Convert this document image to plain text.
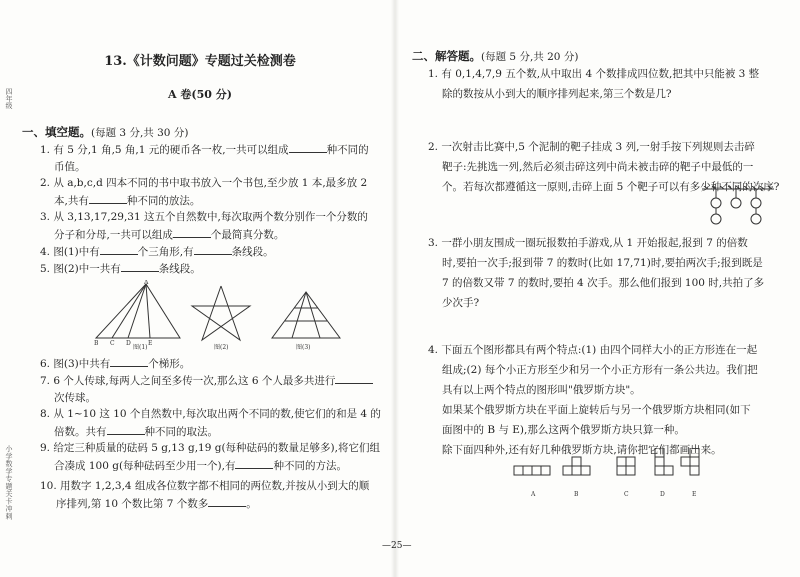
四年级
小学数学专题关卡冲刺
13.《计数问题》专题过关检测卷
A 卷(50 分)
一、填空题。(每题 3 分,共 30 分)
1. 有 5 分,1 角,5 角,1 元的硬币各一枚,一共可以组成	种不同的
币值。
2. 从 a,b,c,d 四本不同的书中取书放入一个书包,至少放 1 本,最多放 2
本,共有	种不同的放法。
3. 从 3,13,17,29,31 这五个自然数中,每次取两个数分别作一个分数的
分子和分母,一共可以组成	个最简真分数。
4. 图(1)中有	个三角形,有	条线段。
5. 图(2)中一共有	条线段。
A
B C D	E
图(1)	图(2)	图(3)
6. 图(3)中共有	个梯形。
7. 6 个人传球,每两人之间至多传一次,那么这 6 个人最多共进行
次传球。
8. 从 1~10 这 10 个自然数中,每次取出两个不同的数,使它们的和是 4 的
倍数。共有	种不同的取法。
9. 给定三种质量的砝码 5 g,13 g,19 g(每种砝码的数量足够多),将它们组
合凑成 100 g(每种砝码至少用一个),有	种不同的方法。
10. 用数字 1,2,3,4 组成各位数字都不相同的两位数,并按从小到大的顺
序排列,第 10 个数比第 7 个数多	。
二、解答题。(每题 5 分,共 20 分)
1. 有 0,1,4,7,9 五个数,从中取出 4 个数排成四位数,把其中只能被 3 整
除的数按从小到大的顺序排列起来,第三个数是几?
2. 一次射击比赛中,5 个泥制的靶子挂成 3 列,一射手按下列规则去击碎
靶子:先挑选一列,然后必须击碎这列中尚未被击碎的靶子中最低的一
个。若每次都遵循这一原则,击碎上面 5 个靶子可以有多少种不同的次序?
3. 一群小朋友围成一圈玩报数拍手游戏,从 1 开始报起,报到 7 的倍数
时,要拍一次手;报到带 7 的数时(比如 17,71)时,要拍两次手;报到既是
7 的倍数又带 7 的数时,要拍 4 次手。那么他们报到 100 时,共拍了多
少次手?
4. 下面五个图形都具有两个特点:(1) 由四个同样大小的正方形连在一起
组成;(2) 每个小正方形至少和另一个小正方形有一条公共边。我们把
具有以上两个特点的图形叫"俄罗斯方块"。
如果某个俄罗斯方块在平面上旋转后与另一个俄罗斯方块相同(如下
面图中的 B 与 E),那么这两个俄罗斯方块只算一种。
除下面四种外,还有好几种俄罗斯方块,请你把它们都画出来。
A	B	C	D	E
—25—
